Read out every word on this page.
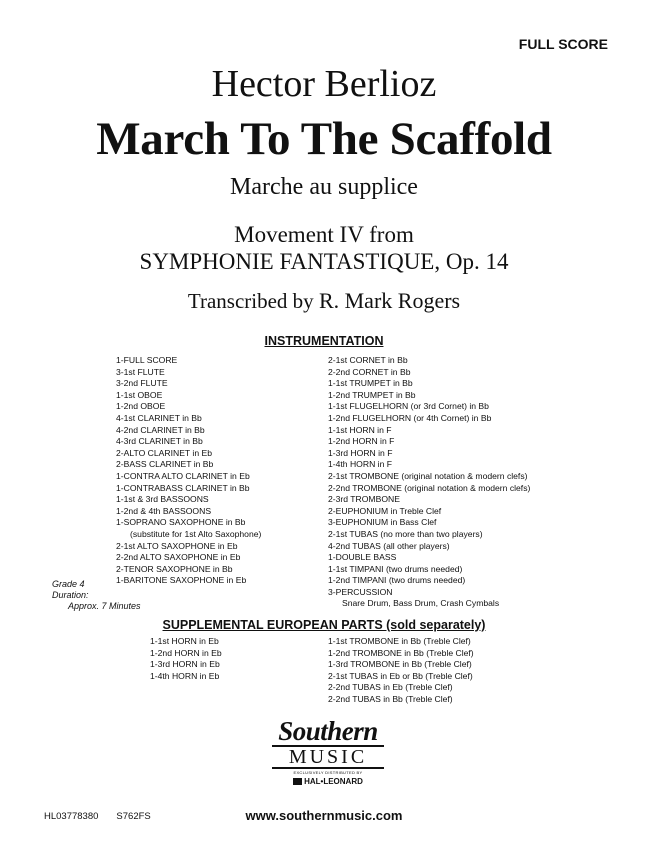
FULL SCORE
Hector Berlioz
March To The Scaffold
Marche au supplice
Movement IV from
SYMPHONIE FANTASTIQUE, Op. 14
Transcribed by R. Mark Rogers
INSTRUMENTATION
1-FULL SCORE
3-1st FLUTE
3-2nd FLUTE
1-1st OBOE
1-2nd OBOE
4-1st CLARINET in Bb
4-2nd CLARINET in Bb
4-3rd CLARINET in Bb
2-ALTO CLARINET in Eb
2-BASS CLARINET in Bb
1-CONTRA ALTO CLARINET in Eb
1-CONTRABASS CLARINET in Bb
1-1st & 3rd BASSOONS
1-2nd & 4th BASSOONS
1-SOPRANO SAXOPHONE in Bb
(substitute for 1st Alto Saxophone)
2-1st ALTO SAXOPHONE in Eb
2-2nd ALTO SAXOPHONE in Eb
2-TENOR SAXOPHONE in Bb
1-BARITONE SAXOPHONE in Eb
2-1st CORNET in Bb
2-2nd CORNET in Bb
1-1st TRUMPET in Bb
1-2nd TRUMPET in Bb
1-1st FLUGELHORN (or 3rd Cornet) in Bb
1-2nd FLUGELHORN (or 4th Cornet) in Bb
1-1st HORN in F
1-2nd HORN in F
1-3rd HORN in F
1-4th HORN in F
2-1st TROMBONE (original notation & modern clefs)
2-2nd TROMBONE (original notation & modern clefs)
2-3rd TROMBONE
2-EUPHONIUM in Treble Clef
3-EUPHONIUM in Bass Clef
2-1st TUBAS (no more than two players)
4-2nd TUBAS (all other players)
1-DOUBLE BASS
1-1st TIMPANI (two drums needed)
1-2nd TIMPANI (two drums needed)
3-PERCUSSION
Snare Drum, Bass Drum, Crash Cymbals
Grade 4
Duration:
Approx. 7 Minutes
SUPPLEMENTAL EUROPEAN PARTS (sold separately)
1-1st HORN in Eb
1-2nd HORN in Eb
1-3rd HORN in Eb
1-4th HORN in Eb
1-1st TROMBONE in Bb (Treble Clef)
1-2nd TROMBONE in Bb (Treble Clef)
1-3rd TROMBONE in Bb (Treble Clef)
2-1st TUBAS in Eb or Bb (Treble Clef)
2-2nd TUBAS in Eb (Treble Clef)
2-2nd TUBAS in Bb (Treble Clef)
Southern
MUSIC
EXCLUSIVELY DISTRIBUTED BY
HAL•LEONARD
HL03778380 S762FS	www.southernmusic.com
